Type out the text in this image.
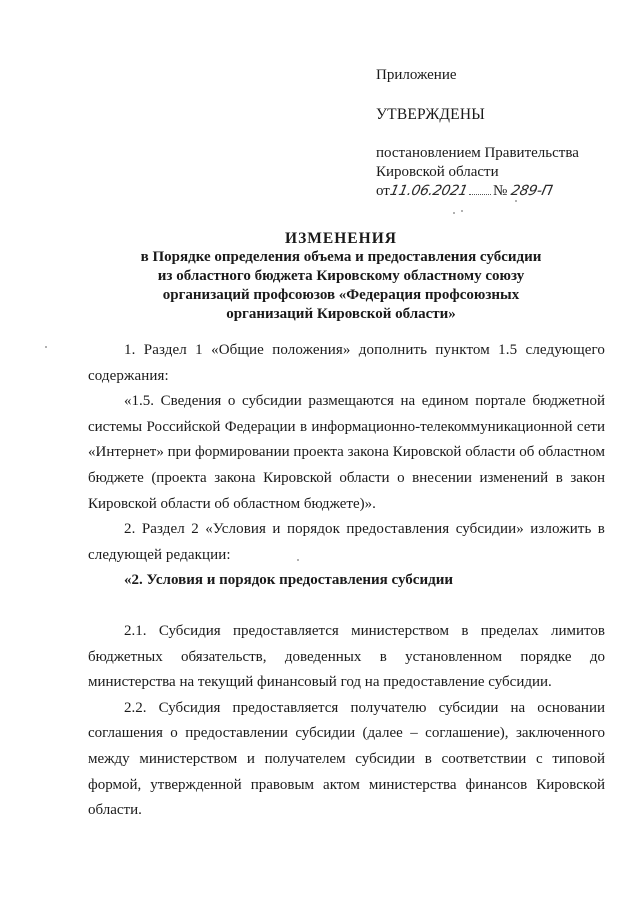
Приложение
УТВЕРЖДЕНЫ
постановлением Правительства
Кировской области
от11.06.2021 № 289-П
ИЗМЕНЕНИЯ
в Порядке определения объема и предоставления субсидии
из областного бюджета Кировскому областному союзу
организаций профсоюзов «Федерация профсоюзных
организаций Кировской области»

1. Раздел 1 «Общие положения» дополнить пунктом 1.5 следующего содержания:

«1.5. Сведения о субсидии размещаются на едином портале бюджетной системы Российской Федерации в информационно-телекоммуникационной сети «Интернет» при формировании проекта закона Кировской области об областном бюджете (проекта закона Кировской области о внесении изменений в закон Кировской области об областном бюджете)».

2. Раздел 2 «Условия и порядок предоставления субсидии» изложить в следующей редакции:

«2. Условия и порядок предоставления субсидии

2.1. Субсидия предоставляется министерством в пределах лимитов бюджетных обязательств, доведенных в установленном порядке до министерства на текущий финансовый год на предоставление субсидии.

2.2. Субсидия предоставляется получателю субсидии на основании соглашения о предоставлении субсидии (далее – соглашение), заключенного между министерством и получателем субсидии в соответствии с типовой формой, утвержденной правовым актом министерства финансов Кировской области.
